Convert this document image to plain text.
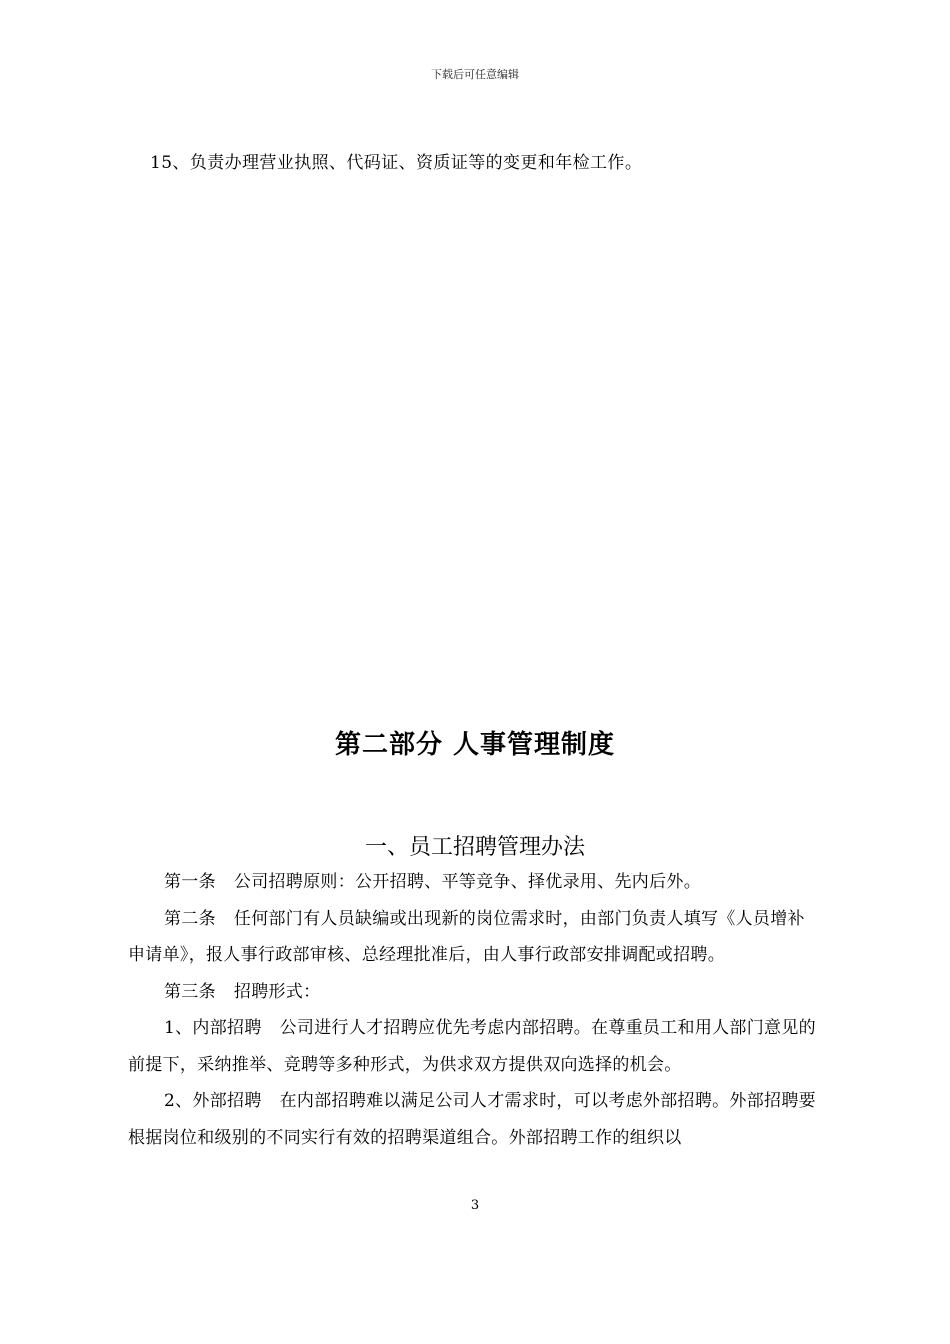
下载后可任意编辑
15、负责办理营业执照、代码证、资质证等的变更和年检工作。
第二部分 人事管理制度
一、员工招聘管理办法

第一条 公司招聘原则：公开招聘、平等竞争、择优录用、先内后外。

第二条 任何部门有人员缺编或出现新的岗位需求时，由部门负责人填写《人员增补申请单》，报人事行政部审核、总经理批准后，由人事行政部安排调配或招聘。

第三条 招聘形式：

1、内部招聘 公司进行人才招聘应优先考虑内部招聘。在尊重员工和用人部门意见的前提下，采纳推举、竞聘等多种形式，为供求双方提供双向选择的机会。

2、外部招聘 在内部招聘难以满足公司人才需求时，可以考虑外部招聘。外部招聘要根据岗位和级别的不同实行有效的招聘渠道组合。外部招聘工作的组织以

3
